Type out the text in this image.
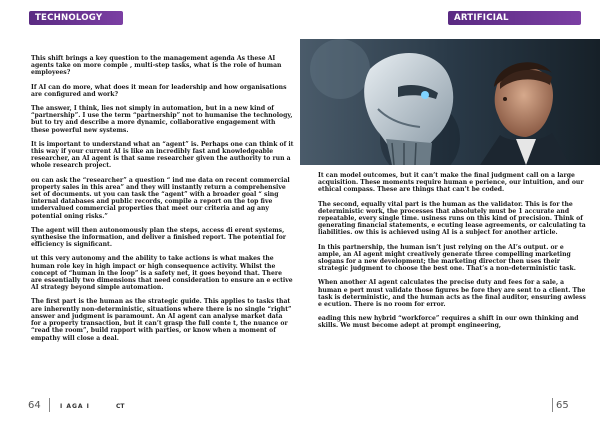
TECHNOLOGY	ARTIFICIAL INTELLIGENCE

This shift brings a key question to the management agenda As these AI agents take on more comple , multi-step tasks, what is the role of human employees?

If AI can do more, what does it mean for leadership and how organisations are configured and work?

The answer, I think, lies not simply in automation, but in a new kind of “partnership”. I use the term “partnership” not to humanise the technology, but to try and describe a more dynamic, collaborative engagement with these powerful new systems.

It is important to understand what an “agent” is. Perhaps one can think of it this way if your current AI is like an incredibly fast and knowledgeable researcher, an AI agent is that same researcher given the authority to run a whole research project.

ou can ask the “researcher” a question “ ind me data on recent commercial property sales in this area” and they will instantly return a comprehensive set of documents. ut you can task the “agent” with a broader goal “ sing internal databases and public records, compile a report on the top five undervalued commercial properties that meet our criteria and ag any potential oning risks.”

The agent will then autonomously plan the steps, access di erent systems, synthesise the information, and deliver a finished report. The potential for efficiency is significant.

ut this very autonomy and the ability to take actions is what makes the human role key in high impact or high consequence activity. Whilst the concept of “human in the loop” is a safety net, it goes beyond that. There are essentially two dimensions that need consideration to ensure an e ective AI strategy beyond simple automation.

The first part is the human as the strategic guide. This applies to tasks that are inherently non-deterministic, situations where there is no single “right” answer and judgment is paramount. An AI agent can analyse market data for a property transaction, but it can’t grasp the full conte t, the nuance or “read the room”, build rapport with parties, or know when a moment of empathy will close a deal.

It can model outcomes, but it can’t make the final judgment call on a large acquisition. These moments require human e perience, our intuition, and our ethical compass. These are things that can’t be coded.

The second, equally vital part is the human as the validator. This is for the deterministic work, the processes that absolutely must be 1 accurate and repeatable, every single time. usiness runs on this kind of precision. Think of generating financial statements, e ecuting lease agreements, or calculating ta liabilities. ow this is achieved using AI is a subject for another article.

In this partnership, the human isn’t just relying on the AI’s output. or e ample, an AI agent might creatively generate three compelling marketing slogans for a new development; the marketing director then uses their strategic judgment to choose the best one. That’s a non-deterministic task.

When another AI agent calculates the precise duty and fees for a sale, a human e pert must validate those figures be fore they are sent to a client. The task is deterministic, and the human acts as the final auditor, ensuring awless e ecution. There is no room for error.

eading this new hybrid “workforce” requires a shift in our own thinking and skills. We must become adept at prompt engineering,

64	I AGA I	CT	65
